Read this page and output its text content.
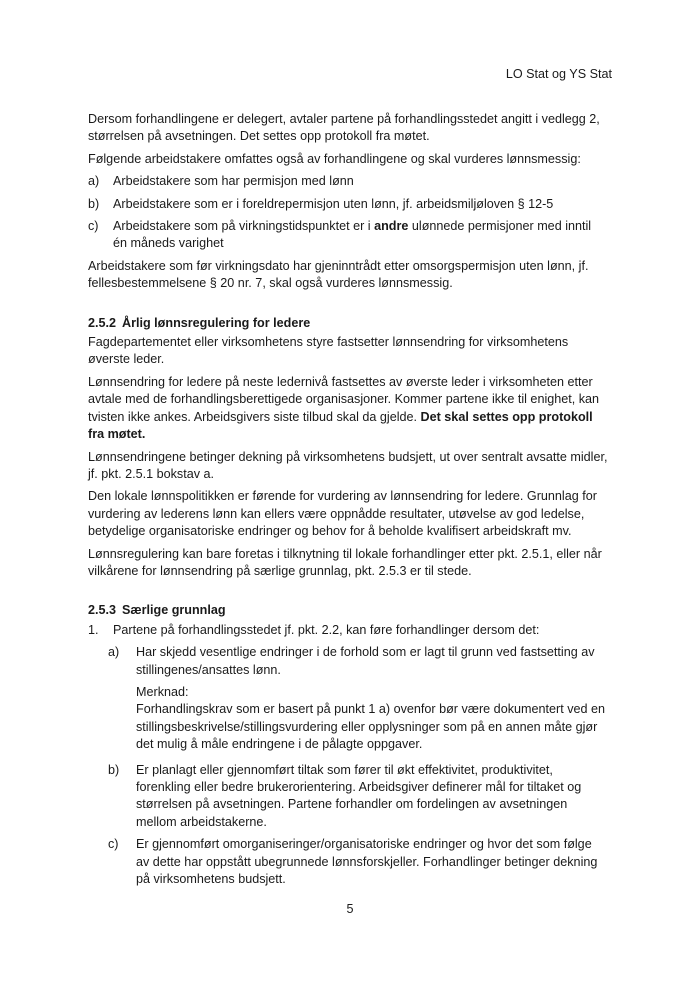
LO Stat og YS Stat

Dersom forhandlingene er delegert, avtaler partene på forhandlingsstedet angitt i vedlegg 2, størrelsen på avsetningen. Det settes opp protokoll fra møtet.

Følgende arbeidstakere omfattes også av forhandlingene og skal vurderes lønnsmessig:

a)	Arbeidstakere som har permisjon med lønn
b)	Arbeidstakere som er i foreldrepermisjon uten lønn, jf. arbeidsmiljøloven § 12-5
c)	Arbeidstakere som på virkningstidspunktet er i andre ulønnede permisjoner med inntil én måneds varighet

Arbeidstakere som før virkningsdato har gjeninntrådt etter omsorgspermisjon uten lønn, jf. fellesbestemmelsene § 20 nr. 7, skal også vurderes lønnsmessig.

2.5.2 Årlig lønnsregulering for ledere

Fagdepartementet eller virksomhetens styre fastsetter lønnsendring for virksomhetens øverste leder.

Lønnsendring for ledere på neste ledernivå fastsettes av øverste leder i virksomheten etter avtale med de forhandlingsberettigede organisasjoner. Kommer partene ikke til enighet, kan tvisten ikke ankes. Arbeidsgivers siste tilbud skal da gjelde. Det skal settes opp protokoll fra møtet.

Lønnsendringene betinger dekning på virksomhetens budsjett, ut over sentralt avsatte midler, jf. pkt. 2.5.1 bokstav a.

Den lokale lønnspolitikken er førende for vurdering av lønnsendring for ledere. Grunnlag for vurdering av lederens lønn kan ellers være oppnådde resultater, utøvelse av god ledelse, betydelige organisatoriske endringer og behov for å beholde kvalifisert arbeidskraft mv.

Lønnsregulering kan bare foretas i tilknytning til lokale forhandlinger etter pkt. 2.5.1, eller når vilkårene for lønnsendring på særlige grunnlag, pkt. 2.5.3 er til stede.

2.5.3 Særlige grunnlag
1.	Partene på forhandlingsstedet jf. pkt. 2.2, kan føre forhandlinger dersom det:
a)	Har skjedd vesentlige endringer i de forhold som er lagt til grunn ved fastsetting av stillingenes/ansattes lønn.
Merknad:
Forhandlingskrav som er basert på punkt 1 a) ovenfor bør være dokumentert ved en stillingsbeskrivelse/stillingsvurdering eller opplysninger som på en annen måte gjør det mulig å måle endringene i de pålagte oppgaver.
b)	Er planlagt eller gjennomført tiltak som fører til økt effektivitet, produktivitet, forenkling eller bedre brukerorientering. Arbeidsgiver definerer mål for tiltaket og størrelsen på avsetningen. Partene forhandler om fordelingen av avsetningen mellom arbeidstakerne.
c)	Er gjennomført omorganiseringer/organisatoriske endringer og hvor det som følge av dette har oppstått ubegrunnede lønnsforskjeller. Forhandlinger betinger dekning på virksomhetens budsjett.
5
